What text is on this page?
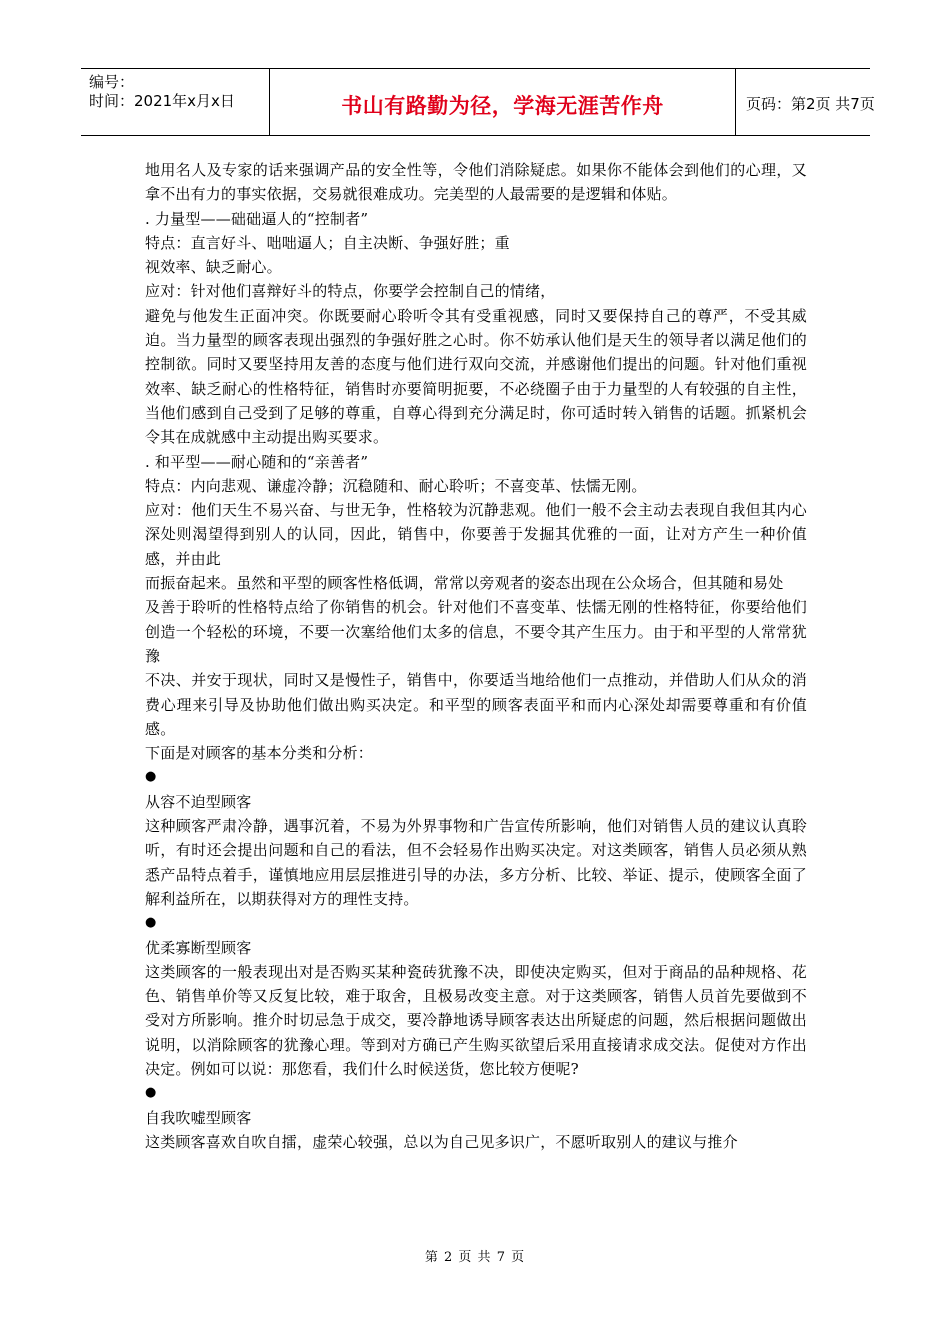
编号：
时间：2021年x月x日	书山有路勤为径，学海无涯苦作舟	页码：第2页 共7页

地用名人及专家的话来强调产品的安全性等，令他们消除疑虑。如果你不能体会到他们的心理，又拿不出有力的事实依据，交易就很难成功。完美型的人最需要的是逻辑和体贴。

. 力量型——础础逼人的“控制者”

特点：直言好斗、咄咄逼人；自主决断、争强好胜；重

视效率、缺乏耐心。

应对：针对他们喜辩好斗的特点，你要学会控制自己的情绪，

避免与他发生正面冲突。你既要耐心聆听令其有受重视感，同时又要保持自己的尊严，不受其威迫。当力量型的顾客表现出强烈的争强好胜之心时。你不妨承认他们是天生的领导者以满足他们的控制欲。同时又要坚持用友善的态度与他们进行双向交流，并感谢他们提出的问题。针对他们重视效率、缺乏耐心的性格特征，销售时亦要简明扼要，不必绕圈子由于力量型的人有较强的自主性，当他们感到自己受到了足够的尊重，自尊心得到充分满足时，你可适时转入销售的话题。抓紧机会令其在成就感中主动提出购买要求。

. 和平型——耐心随和的“亲善者”

特点：内向悲观、谦虚冷静；沉稳随和、耐心聆听；不喜变革、怯懦无刚。

应对：他们天生不易兴奋、与世无争，性格较为沉静悲观。他们一般不会主动去表现自我但其内心深处则渴望得到别人的认同，因此，销售中，你要善于发掘其优雅的一面，让对方产生一种价值感，并由此

而振奋起来。虽然和平型的顾客性格低调，常常以旁观者的姿态出现在公众场合，但其随和易处

及善于聆听的性格特点给了你销售的机会。针对他们不喜变革、怯懦无刚的性格特征，你要给他们创造一个轻松的环境，不要一次塞给他们太多的信息，不要令其产生压力。由于和平型的人常常犹豫

不决、并安于现状，同时又是慢性子，销售中，你要适当地给他们一点推动，并借助人们从众的消费心理来引导及协助他们做出购买决定。和平型的顾客表面平和而内心深处却需要尊重和有价值感。

下面是对顾客的基本分类和分析：

●

从容不迫型顾客

这种顾客严肃冷静，遇事沉着，不易为外界事物和广告宣传所影响，他们对销售人员的建议认真聆听，有时还会提出问题和自己的看法，但不会轻易作出购买决定。对这类顾客，销售人员必须从熟悉产品特点着手，谨慎地应用层层推进引导的办法，多方分析、比较、举证、提示，使顾客全面了解利益所在，以期获得对方的理性支持。

●

优柔寡断型顾客

这类顾客的一般表现出对是否购买某种瓷砖犹豫不决，即使决定购买，但对于商品的品种规格、花色、销售单价等又反复比较，难于取舍，且极易改变主意。对于这类顾客，销售人员首先要做到不受对方所影响。推介时切忌急于成交，要冷静地诱导顾客表达出所疑虑的问题，然后根据问题做出说明，以消除顾客的犹豫心理。等到对方确已产生购买欲望后采用直接请求成交法。促使对方作出决定。例如可以说：那您看，我们什么时候送货，您比较方便呢?

●

自我吹嘘型顾客

这类顾客喜欢自吹自擂，虚荣心较强，总以为自己见多识广，不愿听取别人的建议与推介

第 2 页 共 7 页
